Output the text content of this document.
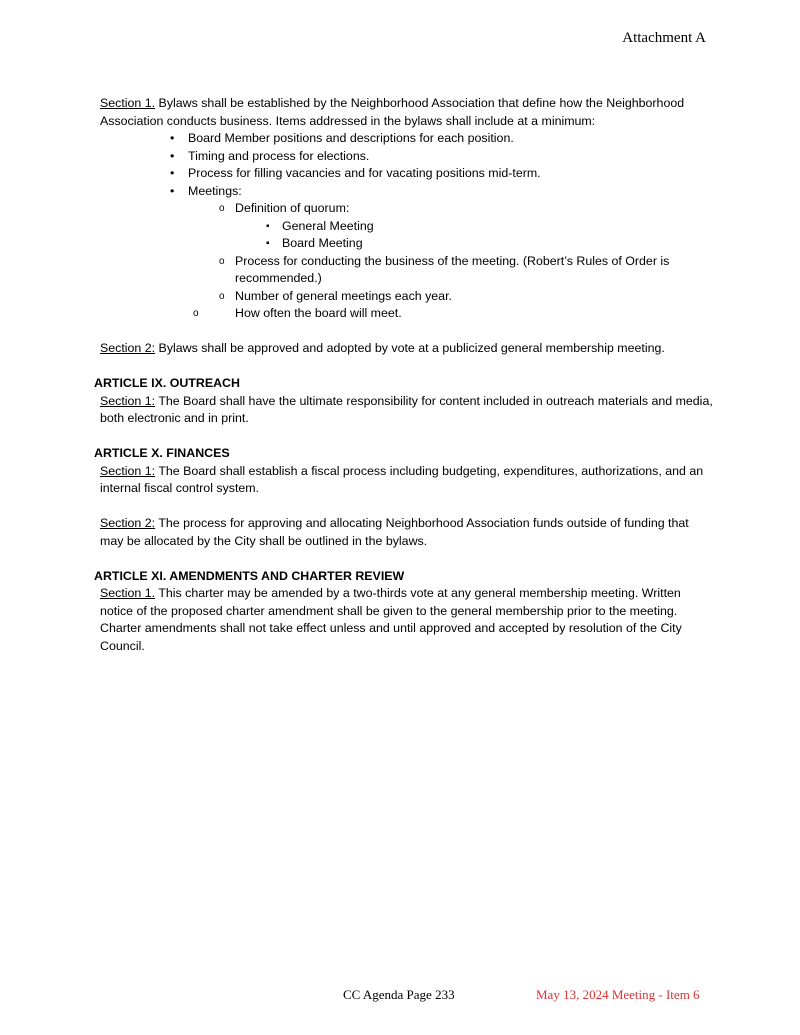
Attachment A

Section 1. Bylaws shall be established by the Neighborhood Association that define how the Neighborhood Association conducts business. Items addressed in the bylaws shall include at a minimum:

• Board Member positions and descriptions for each position.
• Timing and process for elections.
• Process for filling vacancies and for vacating positions mid-term.
• Meetings:
o Definition of quorum:
▪ General Meeting
▪ Board Meeting
o Process for conducting the business of the meeting. (Robert’s Rules of Order is recommended.)
o Number of general meetings each year.
o How often the board will meet.

Section 2: Bylaws shall be approved and adopted by vote at a publicized general membership meeting.

ARTICLE IX. OUTREACH

Section 1: The Board shall have the ultimate responsibility for content included in outreach materials and media, both electronic and in print.

ARTICLE X. FINANCES

Section 1: The Board shall establish a fiscal process including budgeting, expenditures, authorizations, and an internal fiscal control system.

Section 2: The process for approving and allocating Neighborhood Association funds outside of funding that may be allocated by the City shall be outlined in the bylaws.

ARTICLE XI. AMENDMENTS AND CHARTER REVIEW

Section 1. This charter may be amended by a two-thirds vote at any general membership meeting. Written notice of the proposed charter amendment shall be given to the general membership prior to the meeting. Charter amendments shall not take effect unless and until approved and accepted by resolution of the City Council.

CC Agenda Page 233	May 13, 2024 Meeting - Item 6
